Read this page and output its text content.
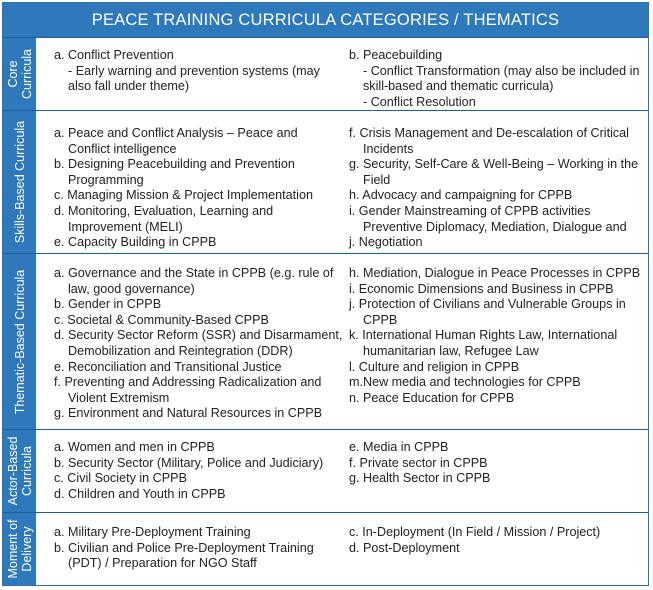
PEACE TRAINING CURRICULA CATEGORIES / THEMATICS
Core Curricula a. Conflict Prevention
- Early warning and prevention systems (may
also fall under theme)
b. Peacebuilding
- Conflict Transformation (may also be included in
skill-based and thematic curricula)
- Conflict Resolution
Skills-Based Curricula a. Peace and Conflict Analysis – Peace and
Conflict intelligence
b. Designing Peacebuilding and Prevention
Programming
c. Managing Mission & Project Implementation
d. Monitoring, Evaluation, Learning and
Improvement (MELI)
e. Capacity Building in CPPB
f. Crisis Management and De-escalation of Critical
Incidents
g. Security, Self-Care & Well-Being – Working in the
Field
h. Advocacy and campaigning for CPPB
i. Gender Mainstreaming of CPPB activities
Preventive Diplomacy, Mediation, Dialogue and
j. Negotiation
Thematic-Based Curricula a. Governance and the State in CPPB (e.g. rule of
law, good governance)
b. Gender in CPPB
c. Societal & Community-Based CPPB
d. Security Sector Reform (SSR) and Disarmament,
Demobilization and Reintegration (DDR)
e. Reconciliation and Transitional Justice
f. Preventing and Addressing Radicalization and
Violent Extremism
g. Environment and Natural Resources in CPPB
h. Mediation, Dialogue in Peace Processes in CPPB
i. Economic Dimensions and Business in CPPB
j. Protection of Civilians and Vulnerable Groups in
CPPB
k. International Human Rights Law, International
humanitarian law, Refugee Law
l. Culture and religion in CPPB
m.New media and technologies for CPPB
n. Peace Education for CPPB
Actor-Based Curricula a. Women and men in CPPB
b. Security Sector (Military, Police and Judiciary)
c. Civil Society in CPPB
d. Children and Youth in CPPB
e. Media in CPPB
f. Private sector in CPPB
g. Health Sector in CPPB
Moment of Delivery a. Military Pre-Deployment Training
b. Civilian and Police Pre-Deployment Training
(PDT) / Preparation for NGO Staff
c. In-Deployment (In Field / Mission / Project)
d. Post-Deployment
